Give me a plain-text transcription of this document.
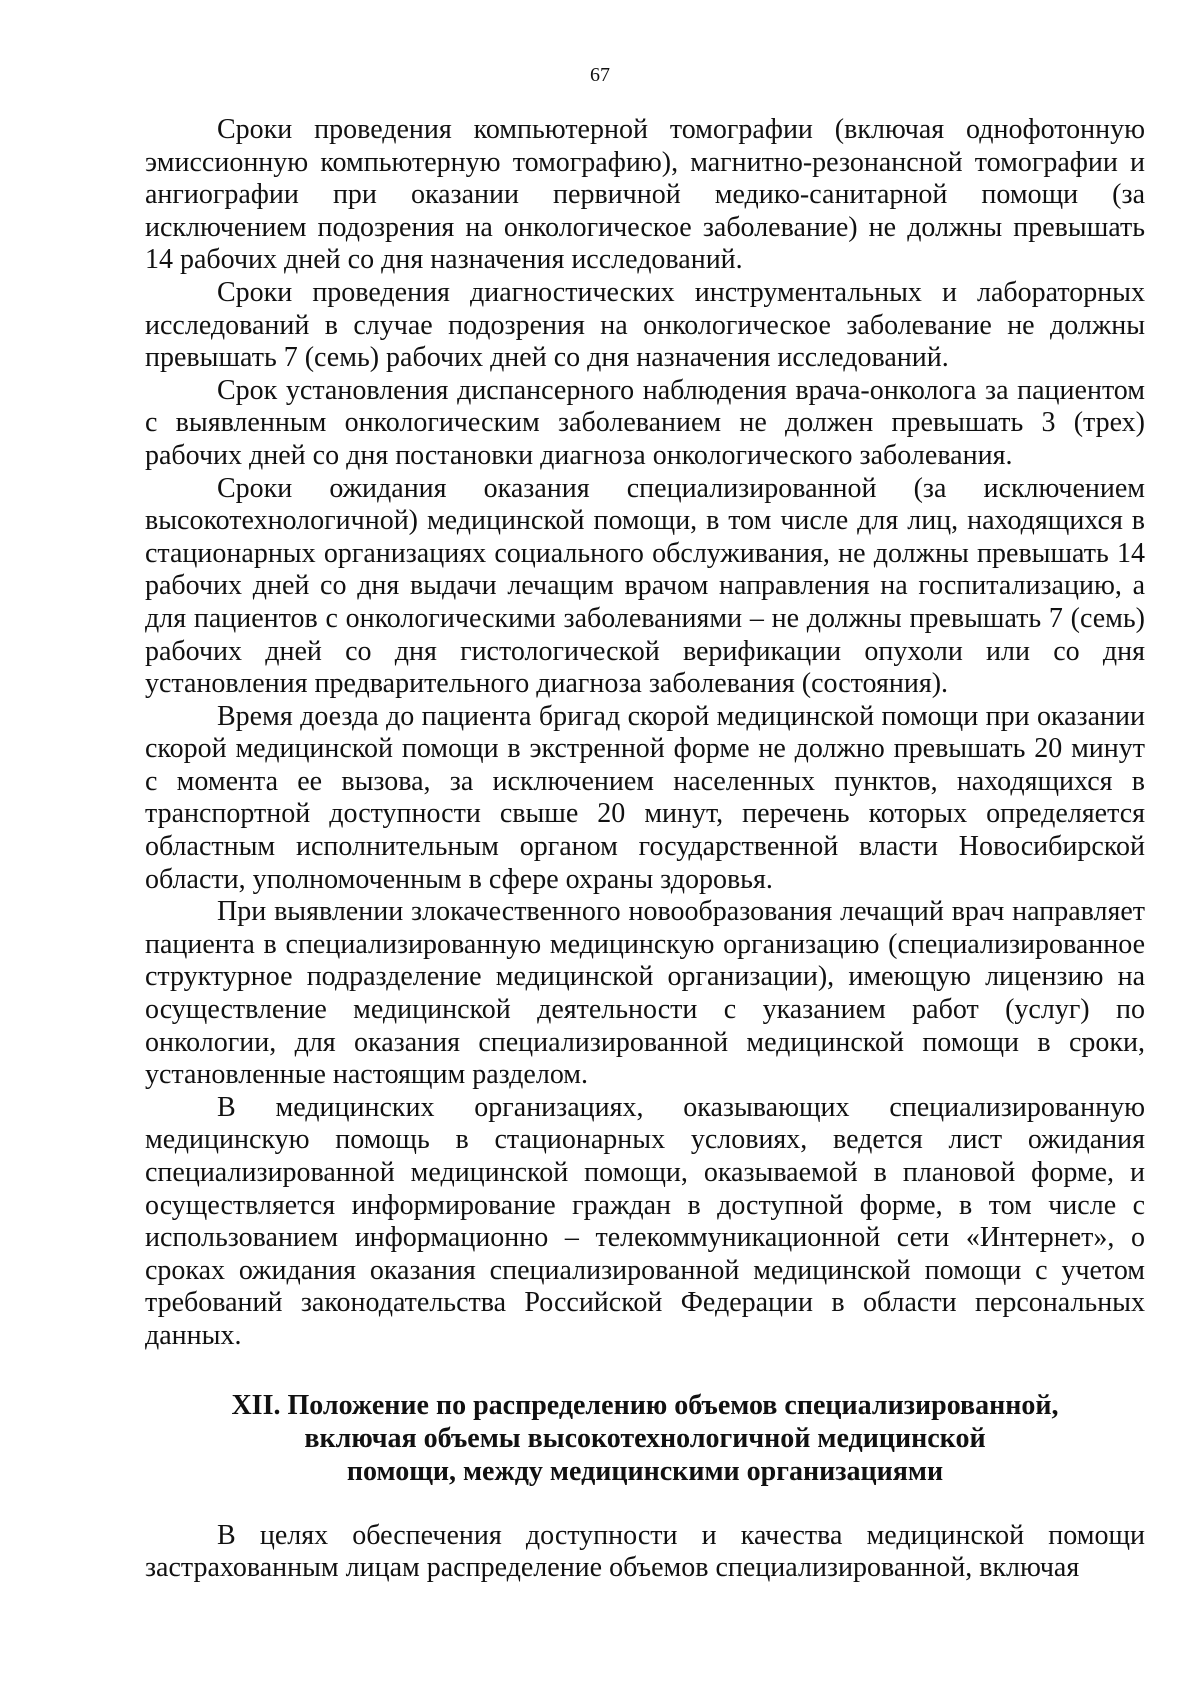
67

Сроки проведения компьютерной томографии (включая однофотонную эмиссионную компьютерную томографию), магнитно-резонансной томографии и ангиографии при оказании первичной медико-санитарной помощи (за исключением подозрения на онкологическое заболевание) не должны превышать 14 рабочих дней со дня назначения исследований.

Сроки проведения диагностических инструментальных и лабораторных исследований в случае подозрения на онкологическое заболевание не должны превышать 7 (семь) рабочих дней со дня назначения исследований.

Срок установления диспансерного наблюдения врача-онколога за пациентом с выявленным онкологическим заболеванием не должен превышать 3 (трех) рабочих дней со дня постановки диагноза онкологического заболевания.

Сроки ожидания оказания специализированной (за исключением высокотехнологичной) медицинской помощи, в том числе для лиц, находящихся в стационарных организациях социального обслуживания, не должны превышать 14 рабочих дней со дня выдачи лечащим врачом направления на госпитализацию, а для пациентов с онкологическими заболеваниями – не должны превышать 7 (семь) рабочих дней со дня гистологической верификации опухоли или со дня установления предварительного диагноза заболевания (состояния).

Время доезда до пациента бригад скорой медицинской помощи при оказании скорой медицинской помощи в экстренной форме не должно превышать 20 минут с момента ее вызова, за исключением населенных пунктов, находящихся в транспортной доступности свыше 20 минут, перечень которых определяется областным исполнительным органом государственной власти Новосибирской области, уполномоченным в сфере охраны здоровья.

При выявлении злокачественного новообразования лечащий врач направляет пациента в специализированную медицинскую организацию (специализированное структурное подразделение медицинской организации), имеющую лицензию на осуществление медицинской деятельности с указанием работ (услуг) по онкологии, для оказания специализированной медицинской помощи в сроки, установленные настоящим разделом.

В медицинских организациях, оказывающих специализированную медицинскую помощь в стационарных условиях, ведется лист ожидания специализированной медицинской помощи, оказываемой в плановой форме, и осуществляется информирование граждан в доступной форме, в том числе с использованием информационно – телекоммуникационной сети «Интернет», о сроках ожидания оказания специализированной медицинской помощи с учетом требований законодательства Российской Федерации в области персональных данных.

XII. Положение по распределению объемов специализированной,
включая объемы высокотехнологичной медицинской
помощи, между медицинскими организациями

В целях обеспечения доступности и качества медицинской помощи застрахованным лицам распределение объемов специализированной, включая
